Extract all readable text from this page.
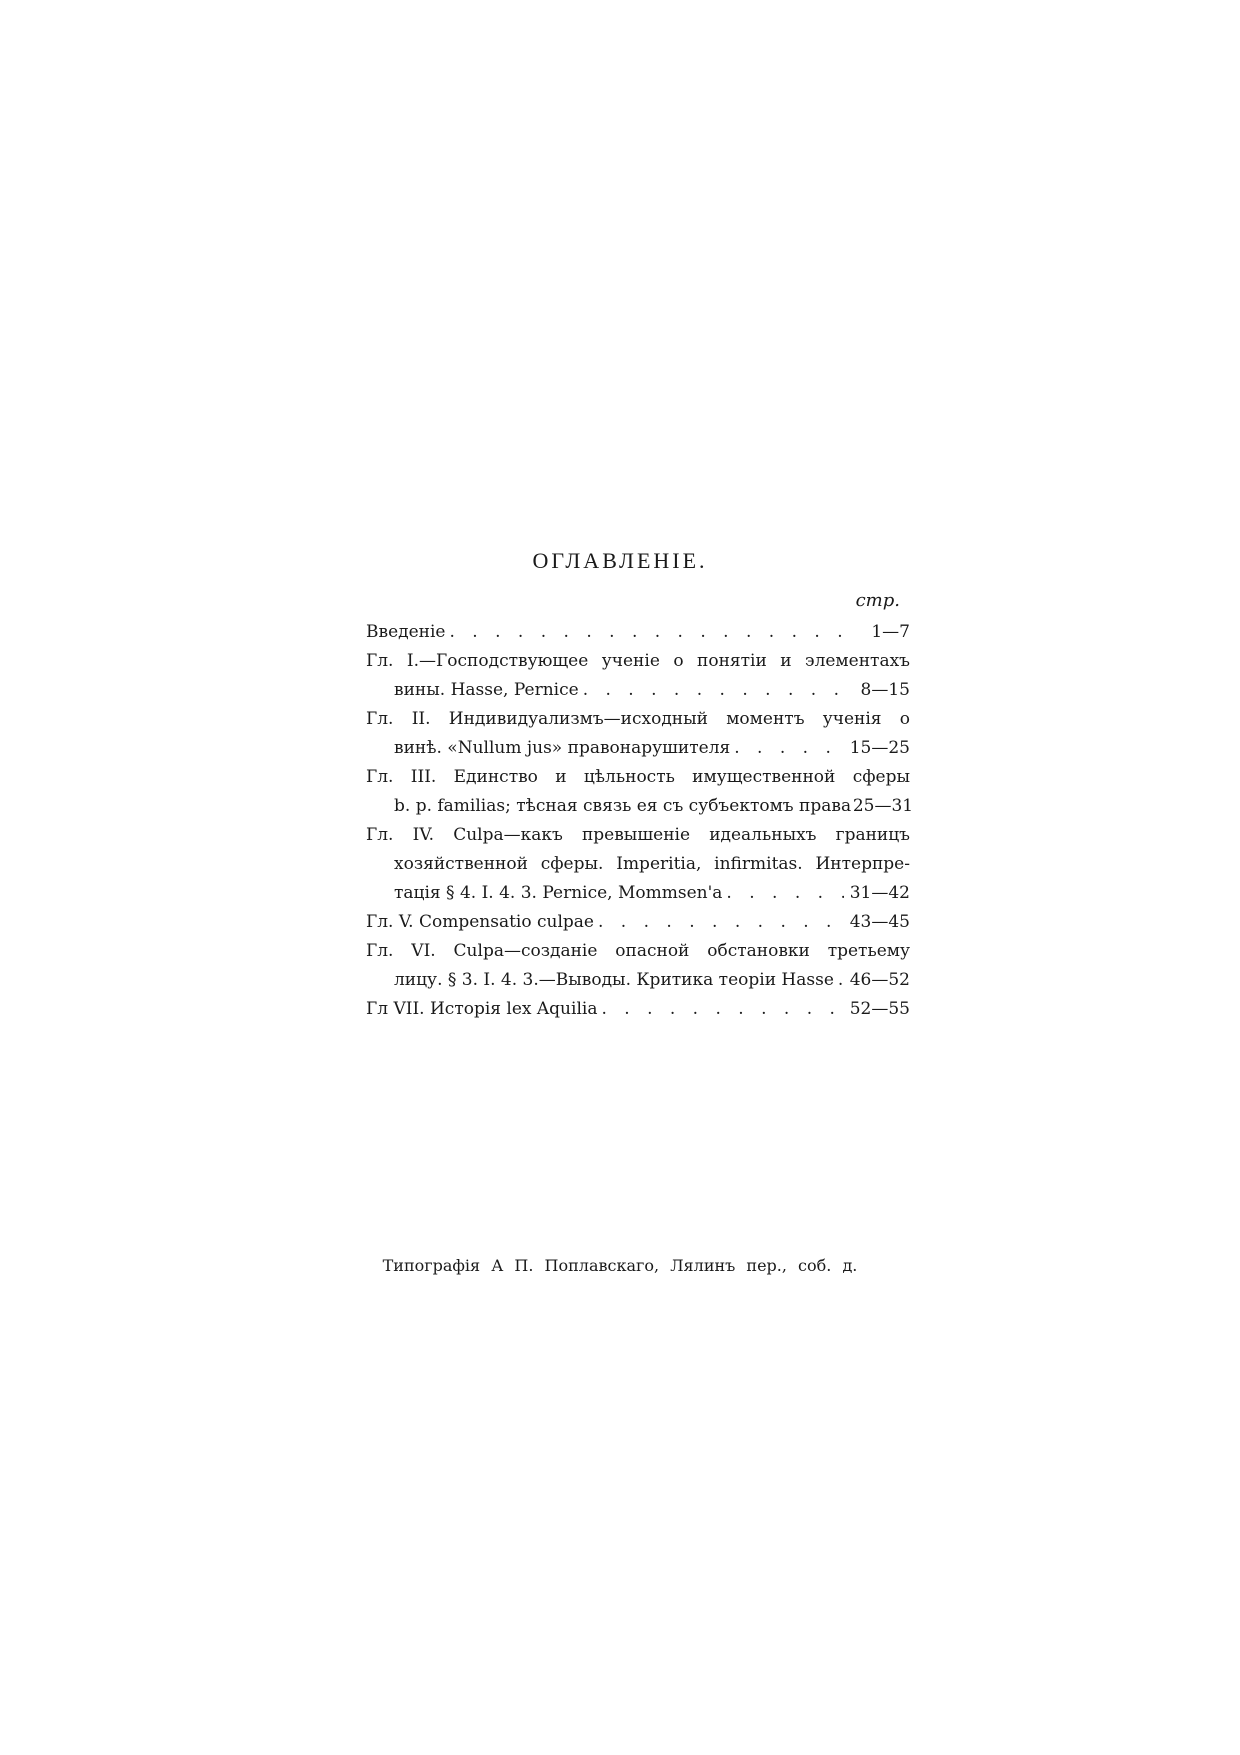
ОГЛАВЛЕНІЕ.
стр.
Введеніе . . .	1—7
Гл. І.—Господствующее ученіе о понятіи и элементахъ
вины. Hasse, Pernice . . .	8—15
Гл. II. Индивидуализмъ—исходный моментъ ученія о
винѣ. «Nullum jus» правонарушителя . . .	15—25
Гл. III. Единство и цѣльность имущественной сферы
b. p. familias; тѣсная связь ея съ субъектомъ права 25—31
Гл. IV. Culpa—какъ превышеніе идеальныхъ границъ
хозяйственной сферы. Imperitia, infirmitas. Интерпре-
тація § 4. I. 4. 3. Pernice, Mommsen'a . . .	31—42
Гл. V. Compensatio culpae . . .	43—45
Гл. VI. Culpa—созданіе опасной обстановки третьему
лицу. § 3. I. 4. 3.—Выводы. Критика теоріи Hasse . . . 46—52
Гл VII. Исторія lex Aquilia . . .	52—55
Типографія А П. Поплавскаго, Лялинъ пер., соб. д.
